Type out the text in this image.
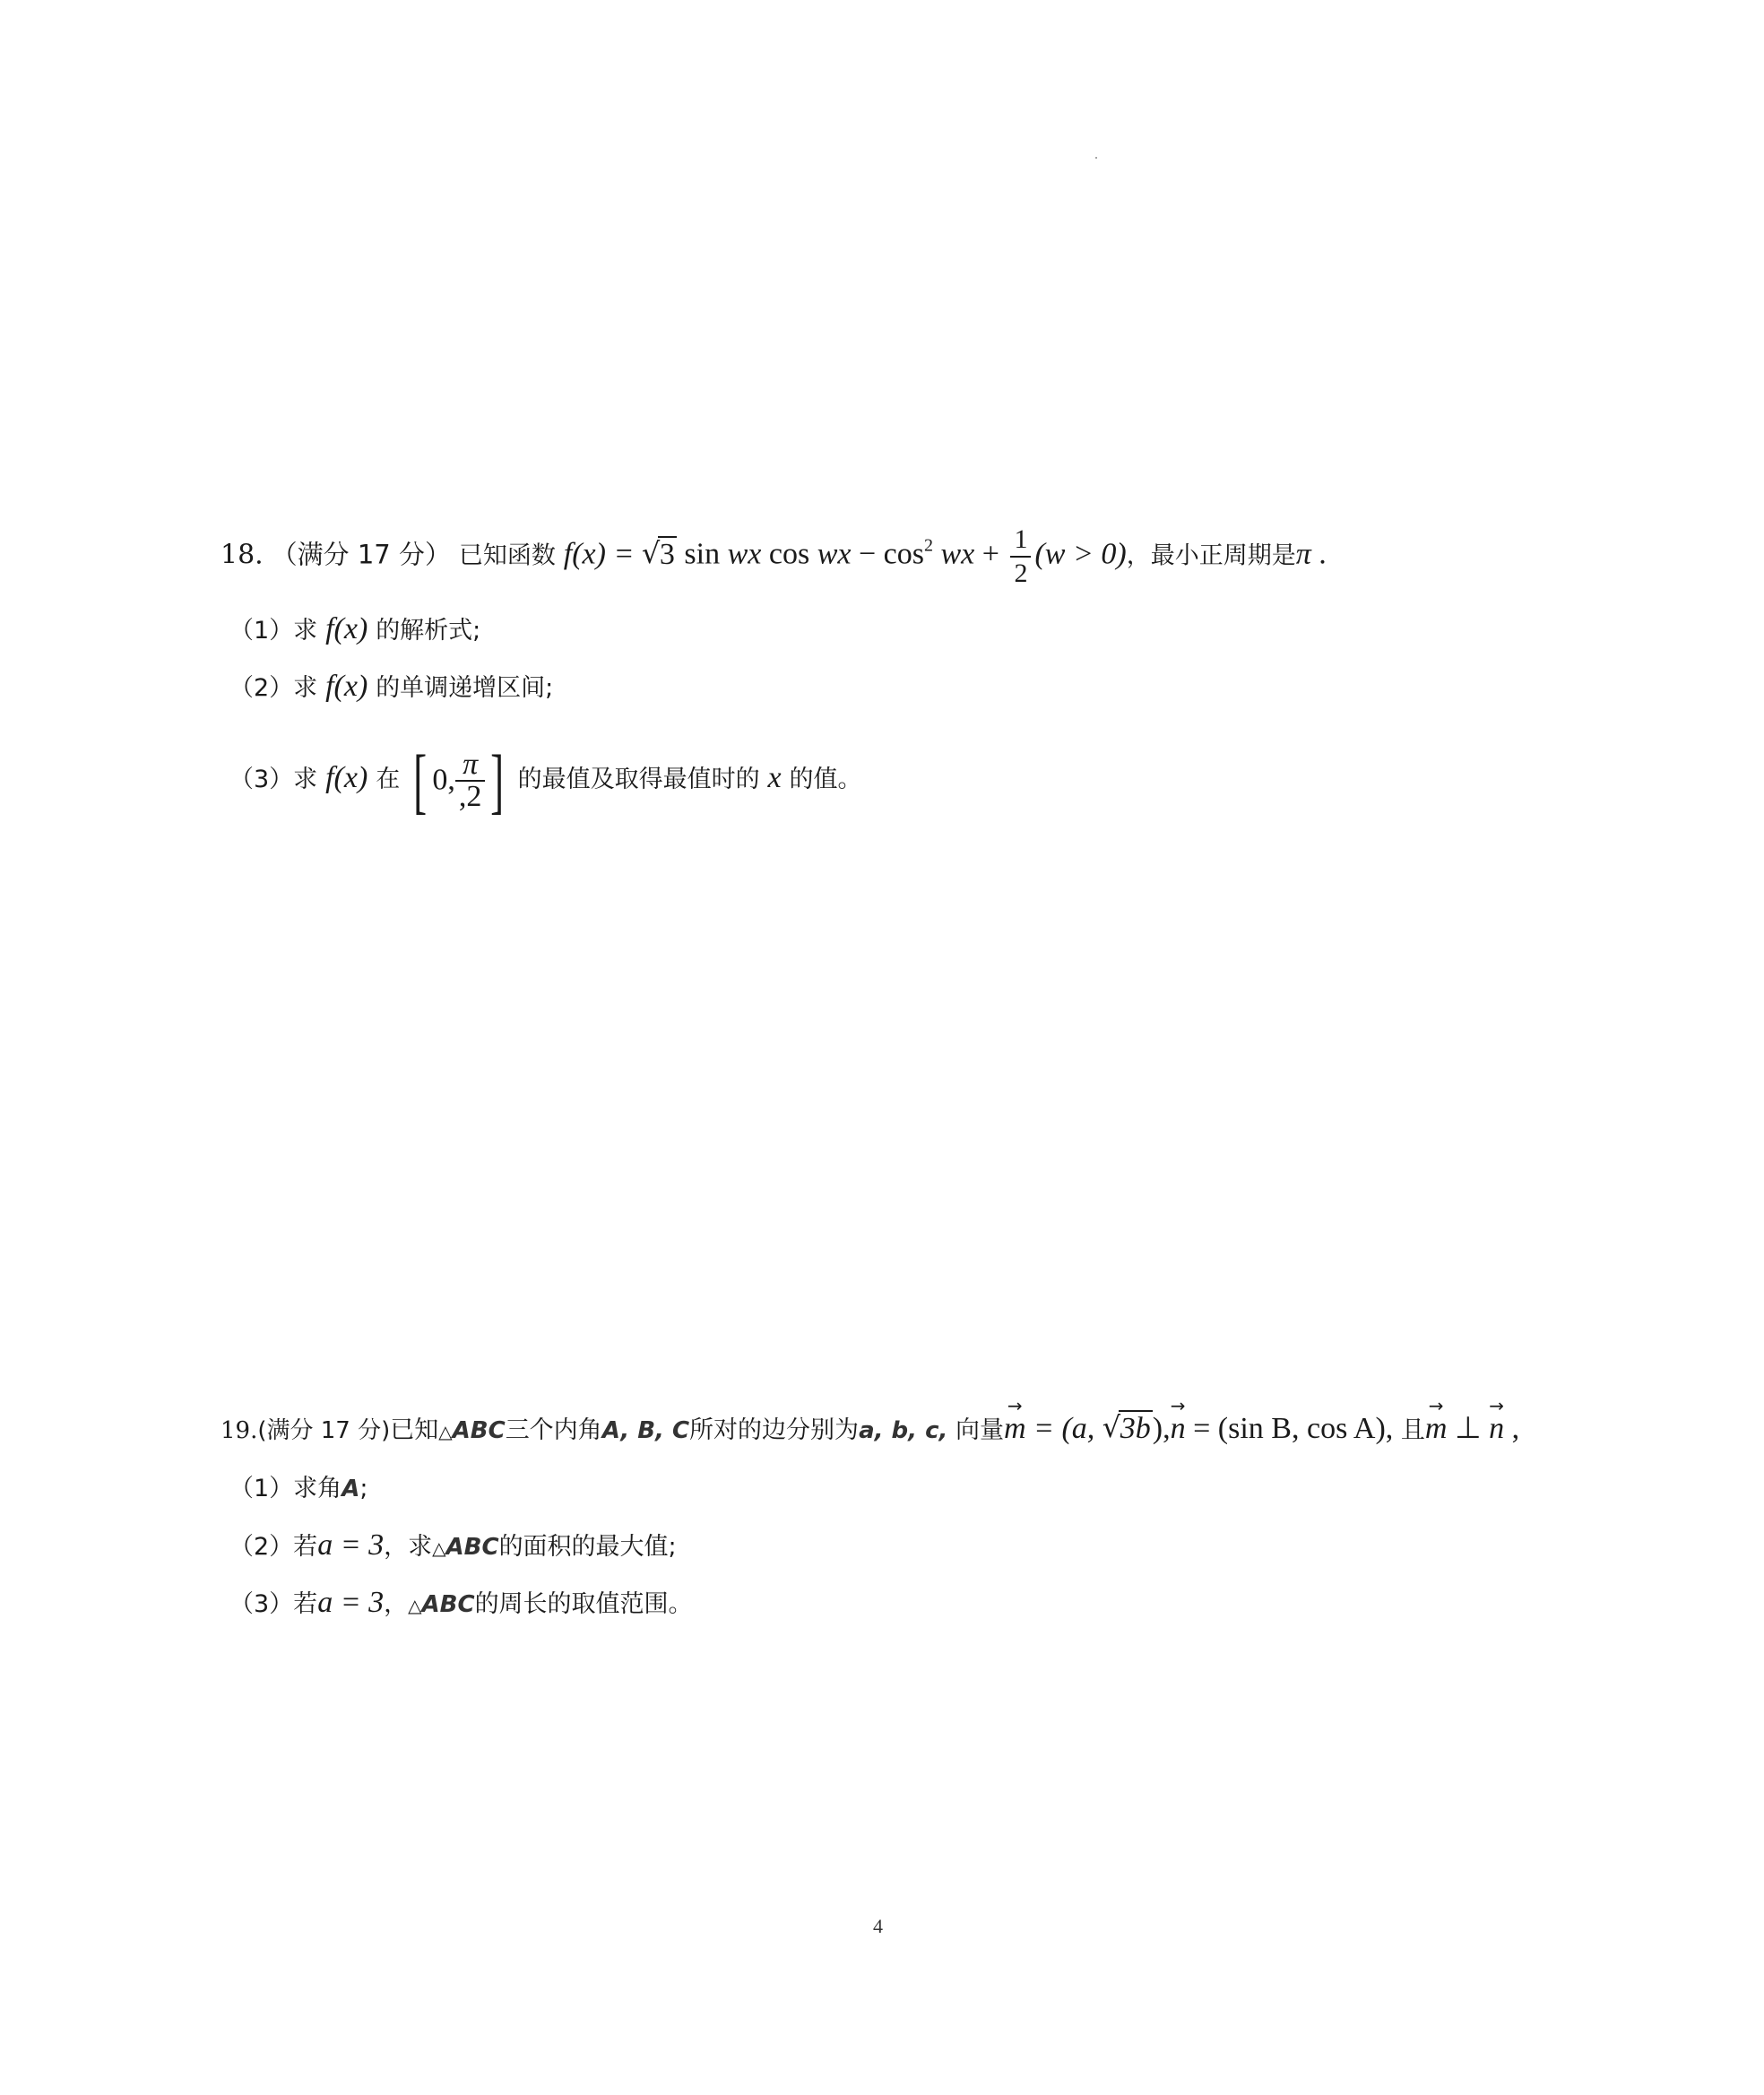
18. （满分 17 分） 已知函数 f(x) = √ 3 sin wx cos wx − $\cos^2$ wx + $\frac{1}{2} (w > 0)$，最小正周期是π .
（1）求 f(x) 的解析式;
（2）求 f(x) 的单调递增区间;
（3）求 f(x) 在 [ 0, $\frac{\pi}{,2}$ ] 的最值及取得最值时的 x 的值。
19.(满分 17 分)已知△ABC三个内角A, B, C所对的边分别为a, b, c, 向量→ m = (a, √ 3b),→ n = (sin B, cos A), 且→ m ⊥ → n ,
（1）求角A;
（2）若a = 3，求△ABC的面积的最大值;
（3）若a = 3，△ABC的周长的取值范围。
4
